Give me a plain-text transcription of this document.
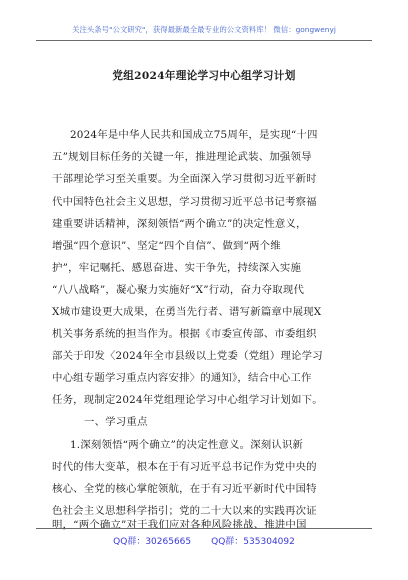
关注头条号"公文研究"，获得最新最全最专业的公文资料库！ 微信：gongwenyj
党组2024年理论学习中心组学习计划
2024年是中华人民共和国成立75周年，是实现“十四
五”规划目标任务的关键一年，推进理论武装、加强领导
干部理论学习至关重要。为全面深入学习贯彻习近平新时
代中国特色社会主义思想，学习贯彻习近平总书记考察福
建重要讲话精神，深刻领悟“两个确立”的决定性意义，
增强“四个意识”、坚定“四个自信”、做到“两个维
护”，牢记嘱托、感恩奋进、实干争先，持续深入实施
“八八战略”，凝心聚力实施好“X”行动，奋力夺取现代
X城市建设更大成果，在勇当先行者、谱写新篇章中展现X
机关事务系统的担当作为。根据《市委宣传部、市委组织
部关于印发〈2024年全市县级以上党委（党组）理论学习
中心组专题学习重点内容安排〉的通知》，结合中心工作
任务，现制定2024年党组理论学习中心组学习计划如下。
一、学习重点
1.深刻领悟“两个确立”的决定性意义。深刻认识新
时代的伟大变革，根本在于有习近平总书记作为党中央的
核心、全党的核心掌舵领航，在于有习近平新时代中国特
色社会主义思想科学指引；党的二十大以来的实践再次证
明，“两个确立”对于我们应对各种风险挑战、推进中国
QQ群：30265665 QQ群：535304092
